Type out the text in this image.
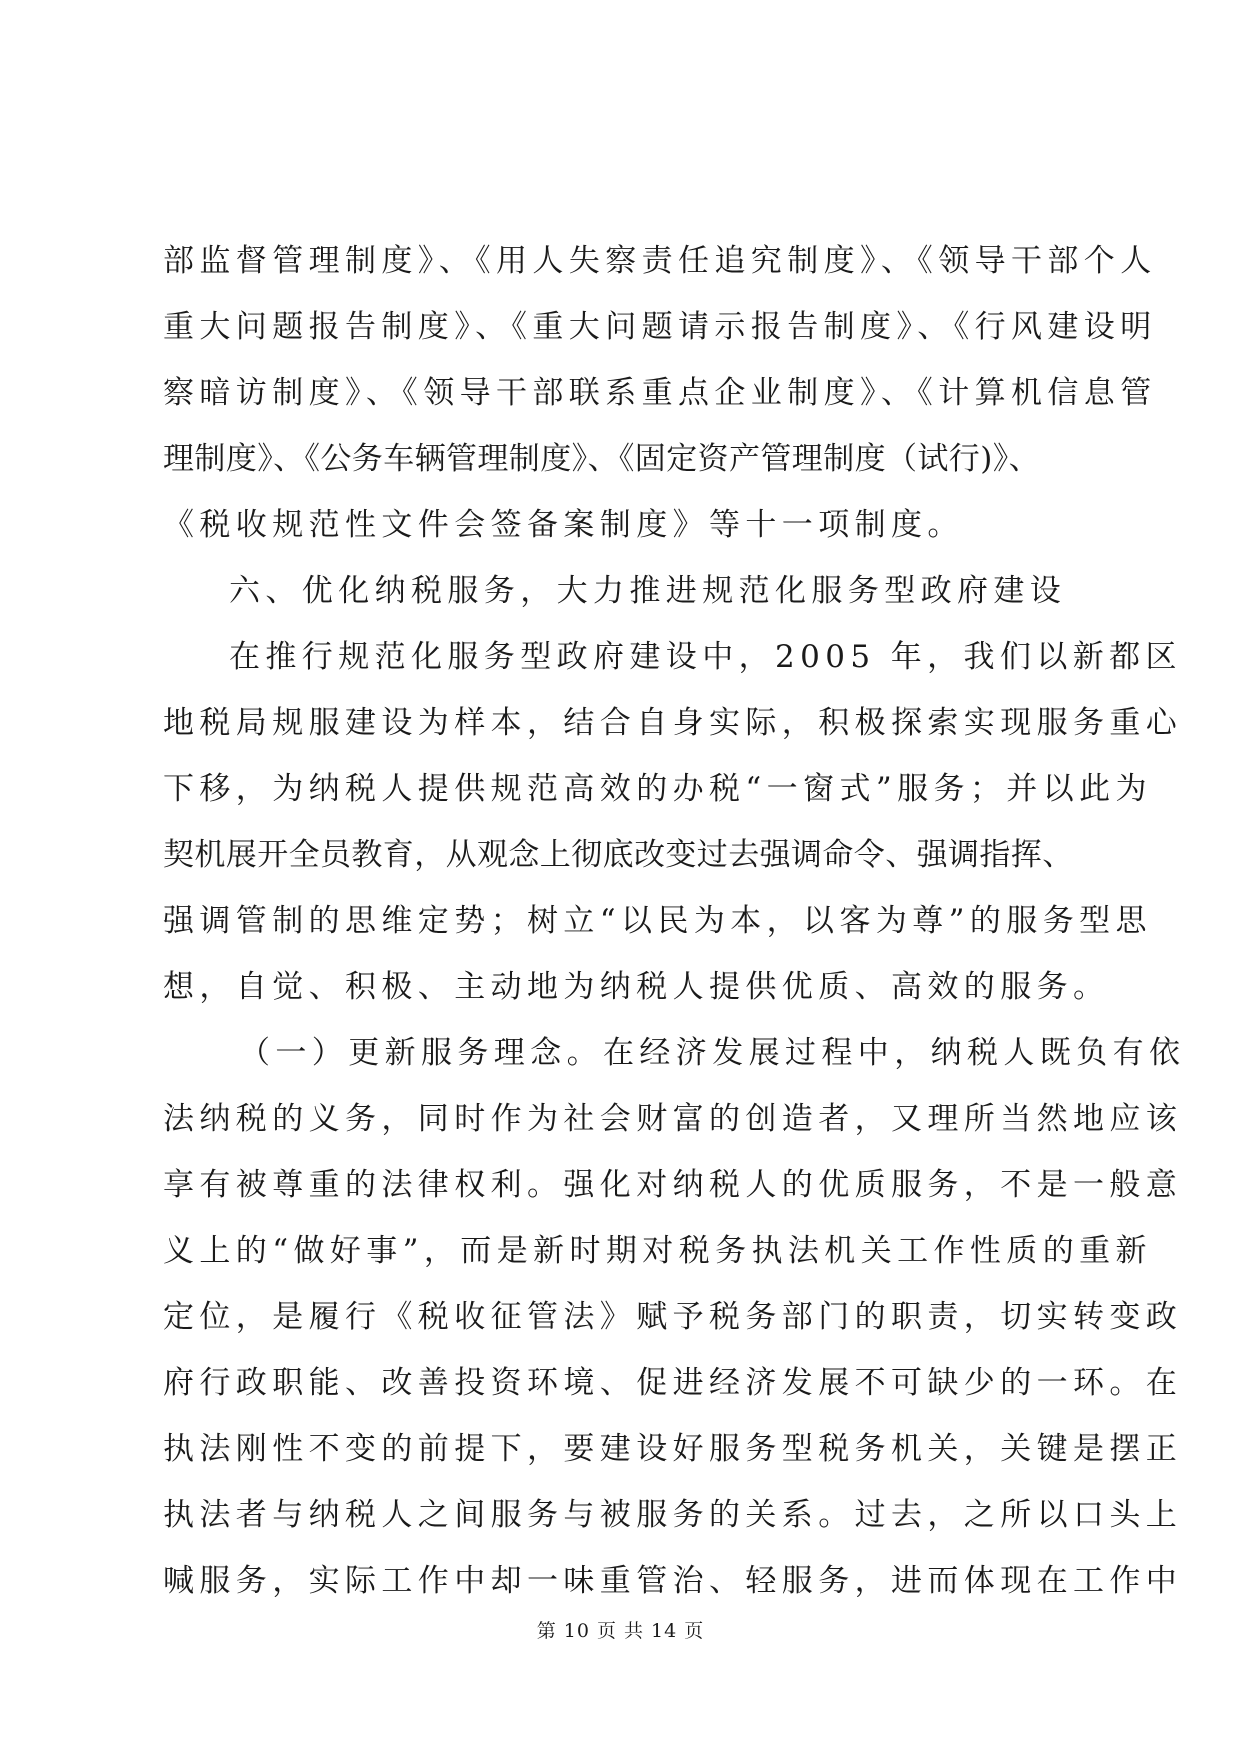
部监督管理制度》、《用人失察责任追究制度》、《领导干部个人
重大问题报告制度》、《重大问题请示报告制度》、《行风建设明
察暗访制度》、《领导干部联系重点企业制度》、《计算机信息管
理制度》、《公务车辆管理制度》、《固定资产管理制度（试行)》、
《税收规范性文件会签备案制度》等十一项制度。
六、优化纳税服务，大力推进规范化服务型政府建设
在推行规范化服务型政府建设中，2005 年，我们以新都区
地税局规服建设为样本，结合自身实际，积极探索实现服务重心
下移，为纳税人提供规范高效的办税“一窗式”服务；并以此为
契机展开全员教育，从观念上彻底改变过去强调命令、强调指挥、
强调管制的思维定势；树立“以民为本，以客为尊”的服务型思
想，自觉、积极、主动地为纳税人提供优质、高效的服务。
（一）更新服务理念。在经济发展过程中，纳税人既负有依
法纳税的义务，同时作为社会财富的创造者，又理所当然地应该
享有被尊重的法律权利。强化对纳税人的优质服务，不是一般意
义上的“做好事”，而是新时期对税务执法机关工作性质的重新
定位，是履行《税收征管法》赋予税务部门的职责，切实转变政
府行政职能、改善投资环境、促进经济发展不可缺少的一环。在
执法刚性不变的前提下，要建设好服务型税务机关，关键是摆正
执法者与纳税人之间服务与被服务的关系。过去，之所以口头上
喊服务，实际工作中却一味重管治、轻服务，进而体现在工作中
第 10 页 共 14 页
